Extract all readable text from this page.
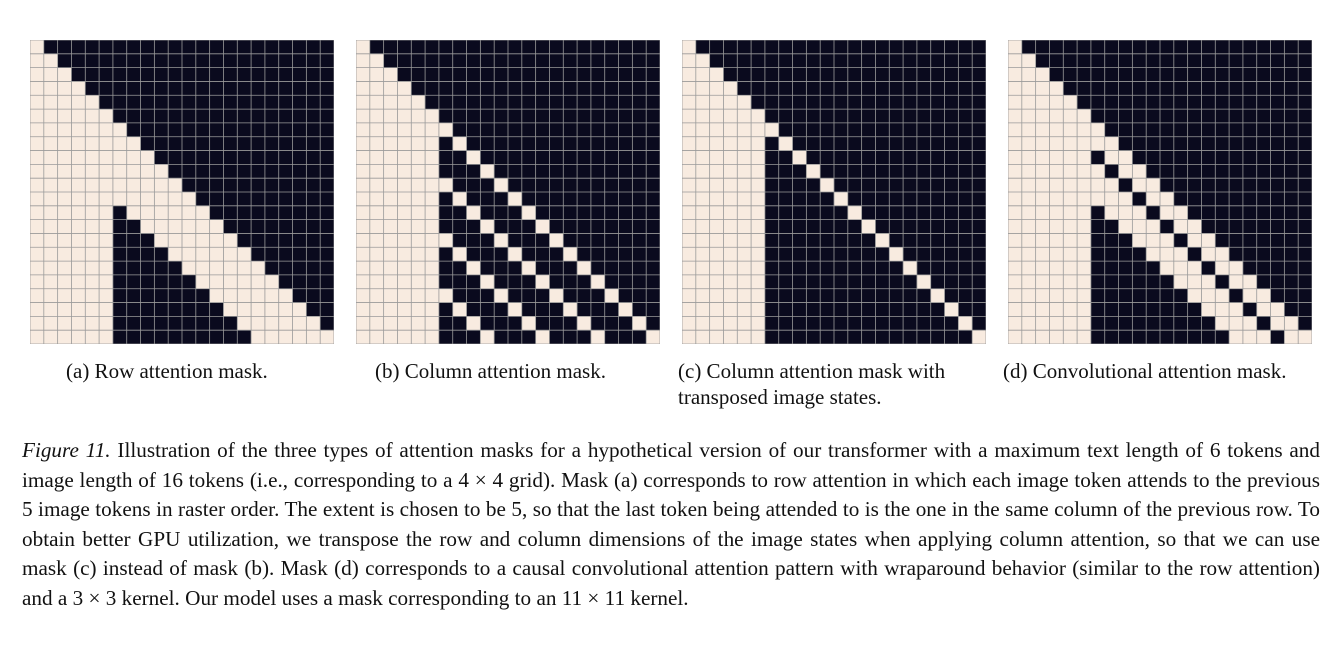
(a) Row attention mask.	(b) Column attention mask.	(c) Column attention mask with
transposed image states.
(d) Convolutional attention mask.
Figure 11. Illustration of the three types of attention masks for a hypothetical version of our transformer with a maximum text length of 6 tokens and image length of 16 tokens (i.e., corresponding to a 4 × 4 grid). Mask (a) corresponds to row attention in which each image token attends to the previous 5 image tokens in raster order. The extent is chosen to be 5, so that the last token being attended to is the one in the same column of the previous row. To obtain better GPU utilization, we transpose the row and column dimensions of the image states when applying column attention, so that we can use mask (c) instead of mask (b). Mask (d) corresponds to a causal convolutional attention pattern with wraparound behavior (similar to the row attention) and a 3 × 3 kernel. Our model uses a mask corresponding to an 11 × 11 kernel.
